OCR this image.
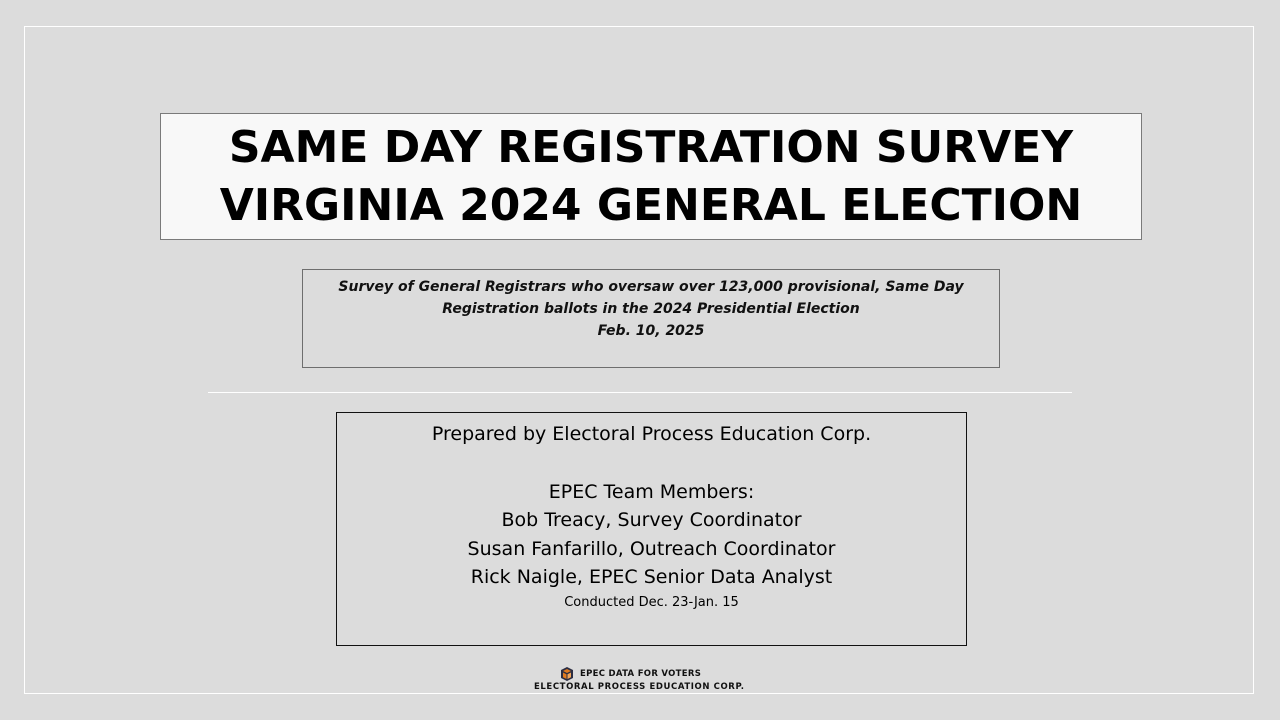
SAME DAY REGISTRATION SURVEY
VIRGINIA 2024 GENERAL ELECTION
Survey of General Registrars who oversaw over 123,000 provisional, Same Day
Registration ballots in the 2024 Presidential Election
Feb. 10, 2025
Prepared by Electoral Process Education Corp.
EPEC Team Members:
Bob Treacy, Survey Coordinator
Susan Fanfarillo, Outreach Coordinator
Rick Naigle, EPEC Senior Data Analyst
Conducted Dec. 23-Jan. 15
EPEC DATA FOR VOTERS
ELECTORAL PROCESS EDUCATION CORP.
